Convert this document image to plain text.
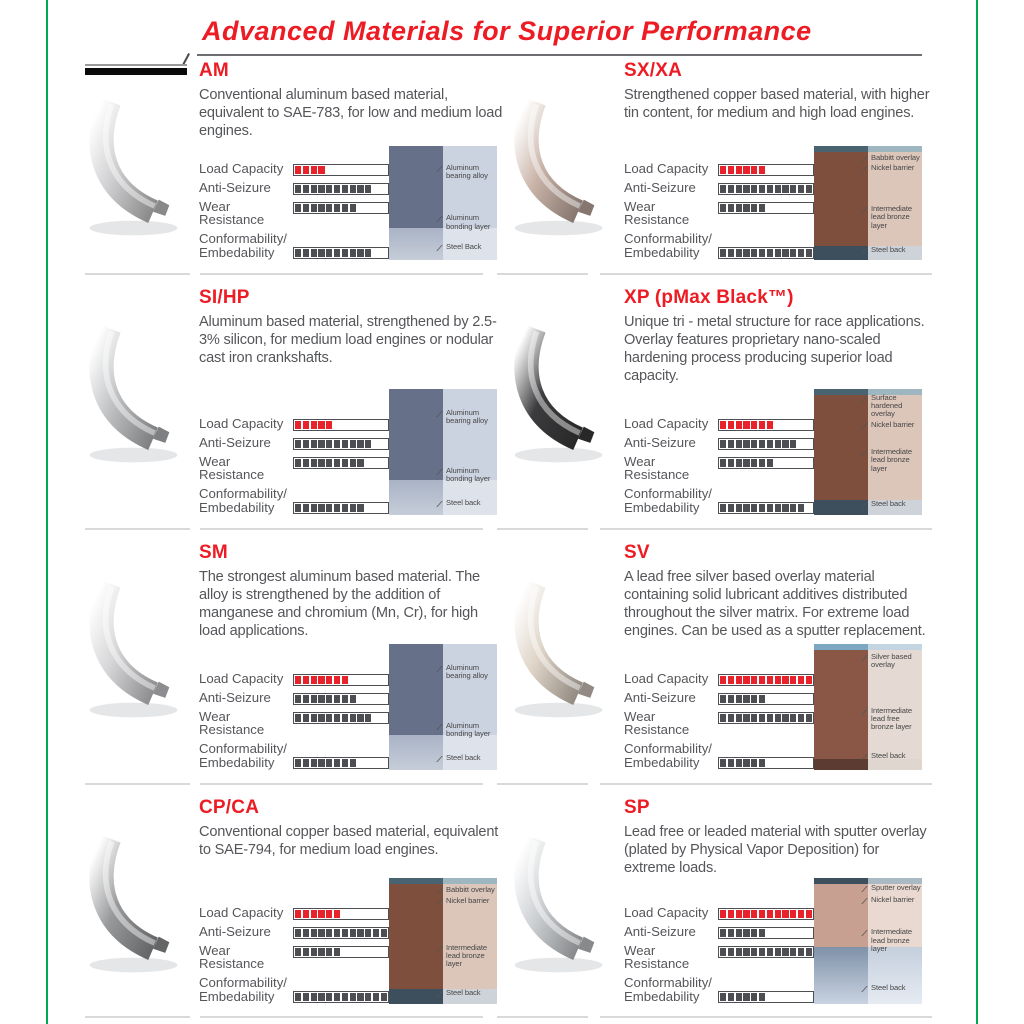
Advanced Materials for Superior Performance
AM

Conventional aluminum based material, equivalent to SAE-783, for low and medium load engines.

Load Capacity
Anti-Seizure
Wear Resistance
Conformability/
Embedability
Aluminum bearing alloy
Aluminum bonding layer
Steel Back
SX/XA

Strengthened copper based material, with higher tin content, for medium and high load engines.

Load Capacity
Anti-Seizure
Wear Resistance
Conformability/
Embedability
Babbitt overlay
Nickel barrier
Intermediate lead bronze layer
Steel back
SI/HP

Aluminum based material, strengthened by 2.5-3% silicon, for medium load engines or nodular cast iron crankshafts.

Load Capacity
Anti-Seizure
Wear Resistance
Conformability/
Embedability
Aluminum bearing alloy
Aluminum bonding layer
Steel back
XP (pMax Black™)

Unique tri - metal structure for race applications. Overlay features proprietary nano-scaled hardening process producing superior load capacity.

Load Capacity
Anti-Seizure
Wear Resistance
Conformability/
Embedability
Surface hardened overlay
Nickel barrier
Intermediate lead bronze layer
Steel back
SM

The strongest aluminum based material. The alloy is strengthened by the addition of manganese and chromium (Mn, Cr), for high load applications.

Load Capacity
Anti-Seizure
Wear Resistance
Conformability/
Embedability
Aluminum bearing alloy
Aluminum bonding layer
Steel back
SV

A lead free silver based overlay material containing solid lubricant additives distributed throughout the silver matrix. For extreme load engines. Can be used as a sputter replacement.

Load Capacity
Anti-Seizure
Wear Resistance
Conformability/
Embedability
Silver based overlay
Intermediate lead free bronze layer
Steel back
CP/CA

Conventional copper based material, equivalent to SAE-794, for medium load engines.

Load Capacity
Anti-Seizure
Wear Resistance
Conformability/
Embedability
Babbitt overlay
Nickel barrier
Intermediate lead bronze layer
Steel back
SP

Lead free or leaded material with sputter overlay (plated by Physical Vapor Deposition) for extreme loads.

Load Capacity
Anti-Seizure
Wear Resistance
Conformability/
Embedability
Sputter overlay
Nickel barrier
Intermediate lead bronze layer
Steel back
